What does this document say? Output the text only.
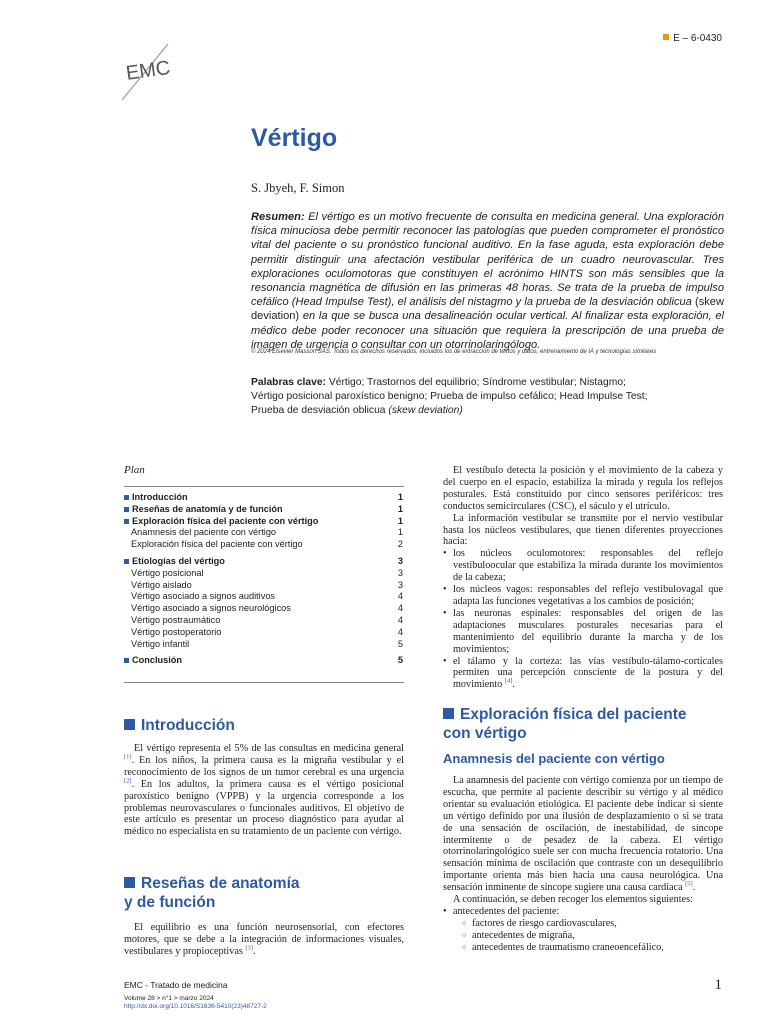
E – 6-0430
EMC
Vértigo
S. Jbyeh, F. Simon
Resumen: El vértigo es un motivo frecuente de consulta en medicina general. Una exploración física minuciosa debe permitir reconocer las patologías que pueden comprometer el pronóstico vital del paciente o su pronóstico funcional auditivo. En la fase aguda, esta exploración debe permitir distinguir una afectación vestibular periférica de un cuadro neurovascular. Tres exploraciones oculomotoras que constituyen el acrónimo HINTS son más sensibles que la resonancia magnética de difusión en las primeras 48 horas. Se trata de la prueba de impulso cefálico (Head Impulse Test), el análisis del nistagmo y la prueba de la desviación oblicua (skew deviation) en la que se busca una desalineación ocular vertical. Al finalizar esta exploración, el médico debe poder reconocer una situación que requiera la prescripción de una prueba de imagen de urgencia o consultar con un otorrinolaringólogo.
© 2024 Elsevier Masson SAS. Todos los derechos reservados, incluidos los de extracción de textos y datos, entrenamiento de IA y tecnologías similares
Palabras clave: Vértigo; Trastornos del equilibrio; Síndrome vestibular; Nistagmo;
Vértigo posicional paroxístico benigno; Prueba de impulso cefálico; Head Impulse Test;
Prueba de desviación oblicua (skew deviation)
Plan
Introducción	1
Reseñas de anatomía y de función	1
Exploración física del paciente con vértigo	1
Anamnesis del paciente con vértigo	1
Exploración física del paciente con vértigo	2
Etiologías del vértigo	3
Vértigo posicional	3
Vértigo aislado	3
Vértigo asociado a signos auditivos	4
Vértigo asociado a signos neurológicos	4
Vértigo postraumático	4
Vértigo postoperatorio	4
Vértigo infantil	5
Conclusión	5
Introducción

El vértigo representa el 5% de las consultas en medicina general [1]. En los niños, la primera causa es la migraña vestibular y el reconocimiento de los signos de un tumor cerebral es una urgencia [2]. En los adultos, la primera causa es el vértigo posicional paroxístico benigno (VPPB) y la urgencia corresponde a los problemas neurovasculares o funcionales auditivos. El objetivo de este artículo es presentar un proceso diagnóstico para ayudar al médico no especialista en su tratamiento de un paciente con vértigo.

Reseñas de anatomía
y de función

El equilibrio es una función neurosensorial, con efectores motores, que se debe a la integración de informaciones visuales, vestibulares y propioceptivas [3].

El vestíbulo detecta la posición y el movimiento de la cabeza y del cuerpo en el espacio, estabiliza la mirada y regula los reflejos posturales. Está constituido por cinco sensores periféricos: tres conductos semicirculares (CSC), el sáculo y el utrículo.

La información vestibular se transmite por el nervio vestibular hasta los núcleos vestibulares, que tienen diferentes proyecciones hacia:

• los núcleos oculomotores: responsables del reflejo vestibuloocular que estabiliza la mirada durante los movimientos de la cabeza;
• los núcleos vagos: responsables del reflejo vestibulovagal que adapta las funciones vegetativas a los cambios de posición;
• las neuronas espinales: responsables del origen de las adaptaciones musculares posturales necesarias para el mantenimiento del equilibrio durante la marcha y de los movimientos;
• el tálamo y la corteza: las vías vestíbulo-tálamo-corticales permiten una percepción consciente de la postura y del movimiento [4].
Exploración física del paciente
con vértigo
Anamnesis del paciente con vértigo

La anamnesis del paciente con vértigo comienza por un tiempo de escucha, que permite al paciente describir su vértigo y al médico orientar su evaluación etiológica. El paciente debe indicar si siente un vértigo definido por una ilusión de desplazamiento o si se trata de una sensación de oscilación, de inestabilidad, de síncope intermitente o de pesadez de la cabeza. El vértigo otorrinolaringológico suele ser con mucha frecuencia rotatorio. Una sensación mínima de oscilación que contraste con un desequilibrio importante orienta más bien hacia una causa neurológica. Una sensación inminente de síncope sugiere una causa cardíaca [5].

A continuación, se deben recoger los elementos siguientes:

• antecedentes del paciente:
○ factores de riesgo cardiovasculares,
○ antecedentes de migraña,
○ antecedentes de traumatismo craneoencefálico,
EMC - Tratado de medicina
Volume 28 > n°1 > marzo 2024
http://dx.doi.org/10.1016/S1636-5410(23)48727-2
1
